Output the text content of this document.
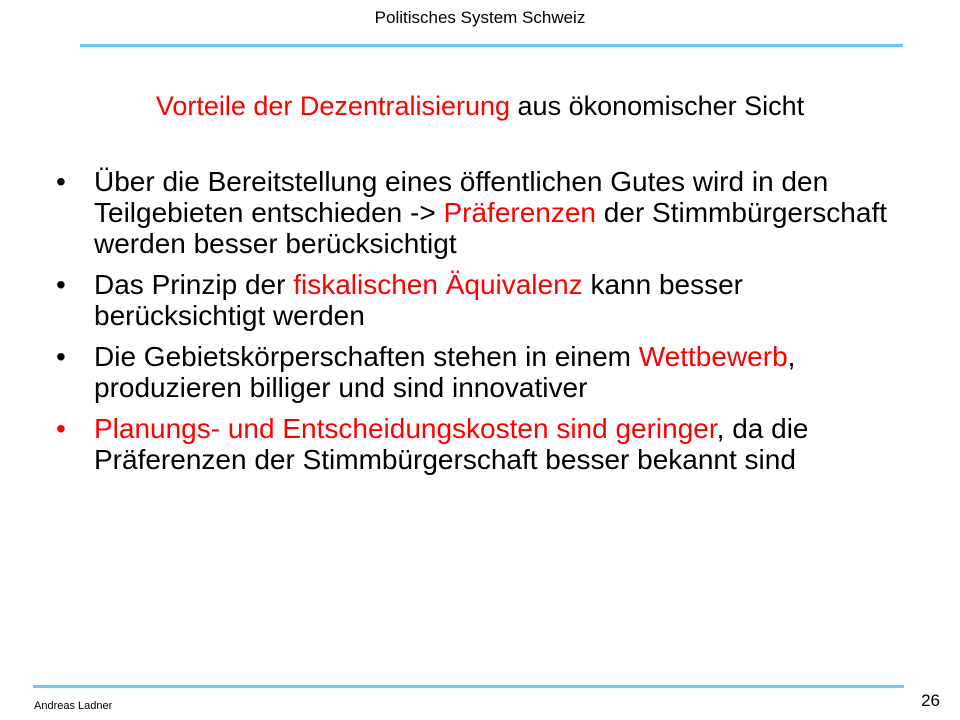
Politisches System Schweiz
Vorteile der Dezentralisierung aus ökonomischer Sicht
• Über die Bereitstellung eines öffentlichen Gutes wird in den Teilgebieten entschieden -> Präferenzen der Stimmbürgerschaft werden besser berücksichtigt
• Das Prinzip der fiskalischen Äquivalenz kann besser berücksichtigt werden
• Die Gebietskörperschaften stehen in einem Wettbewerb, produzieren billiger und sind innovativer
• Planungs- und Entscheidungskosten sind geringer, da die Präferenzen der Stimmbürgerschaft besser bekannt sind
Andreas Ladner	26
